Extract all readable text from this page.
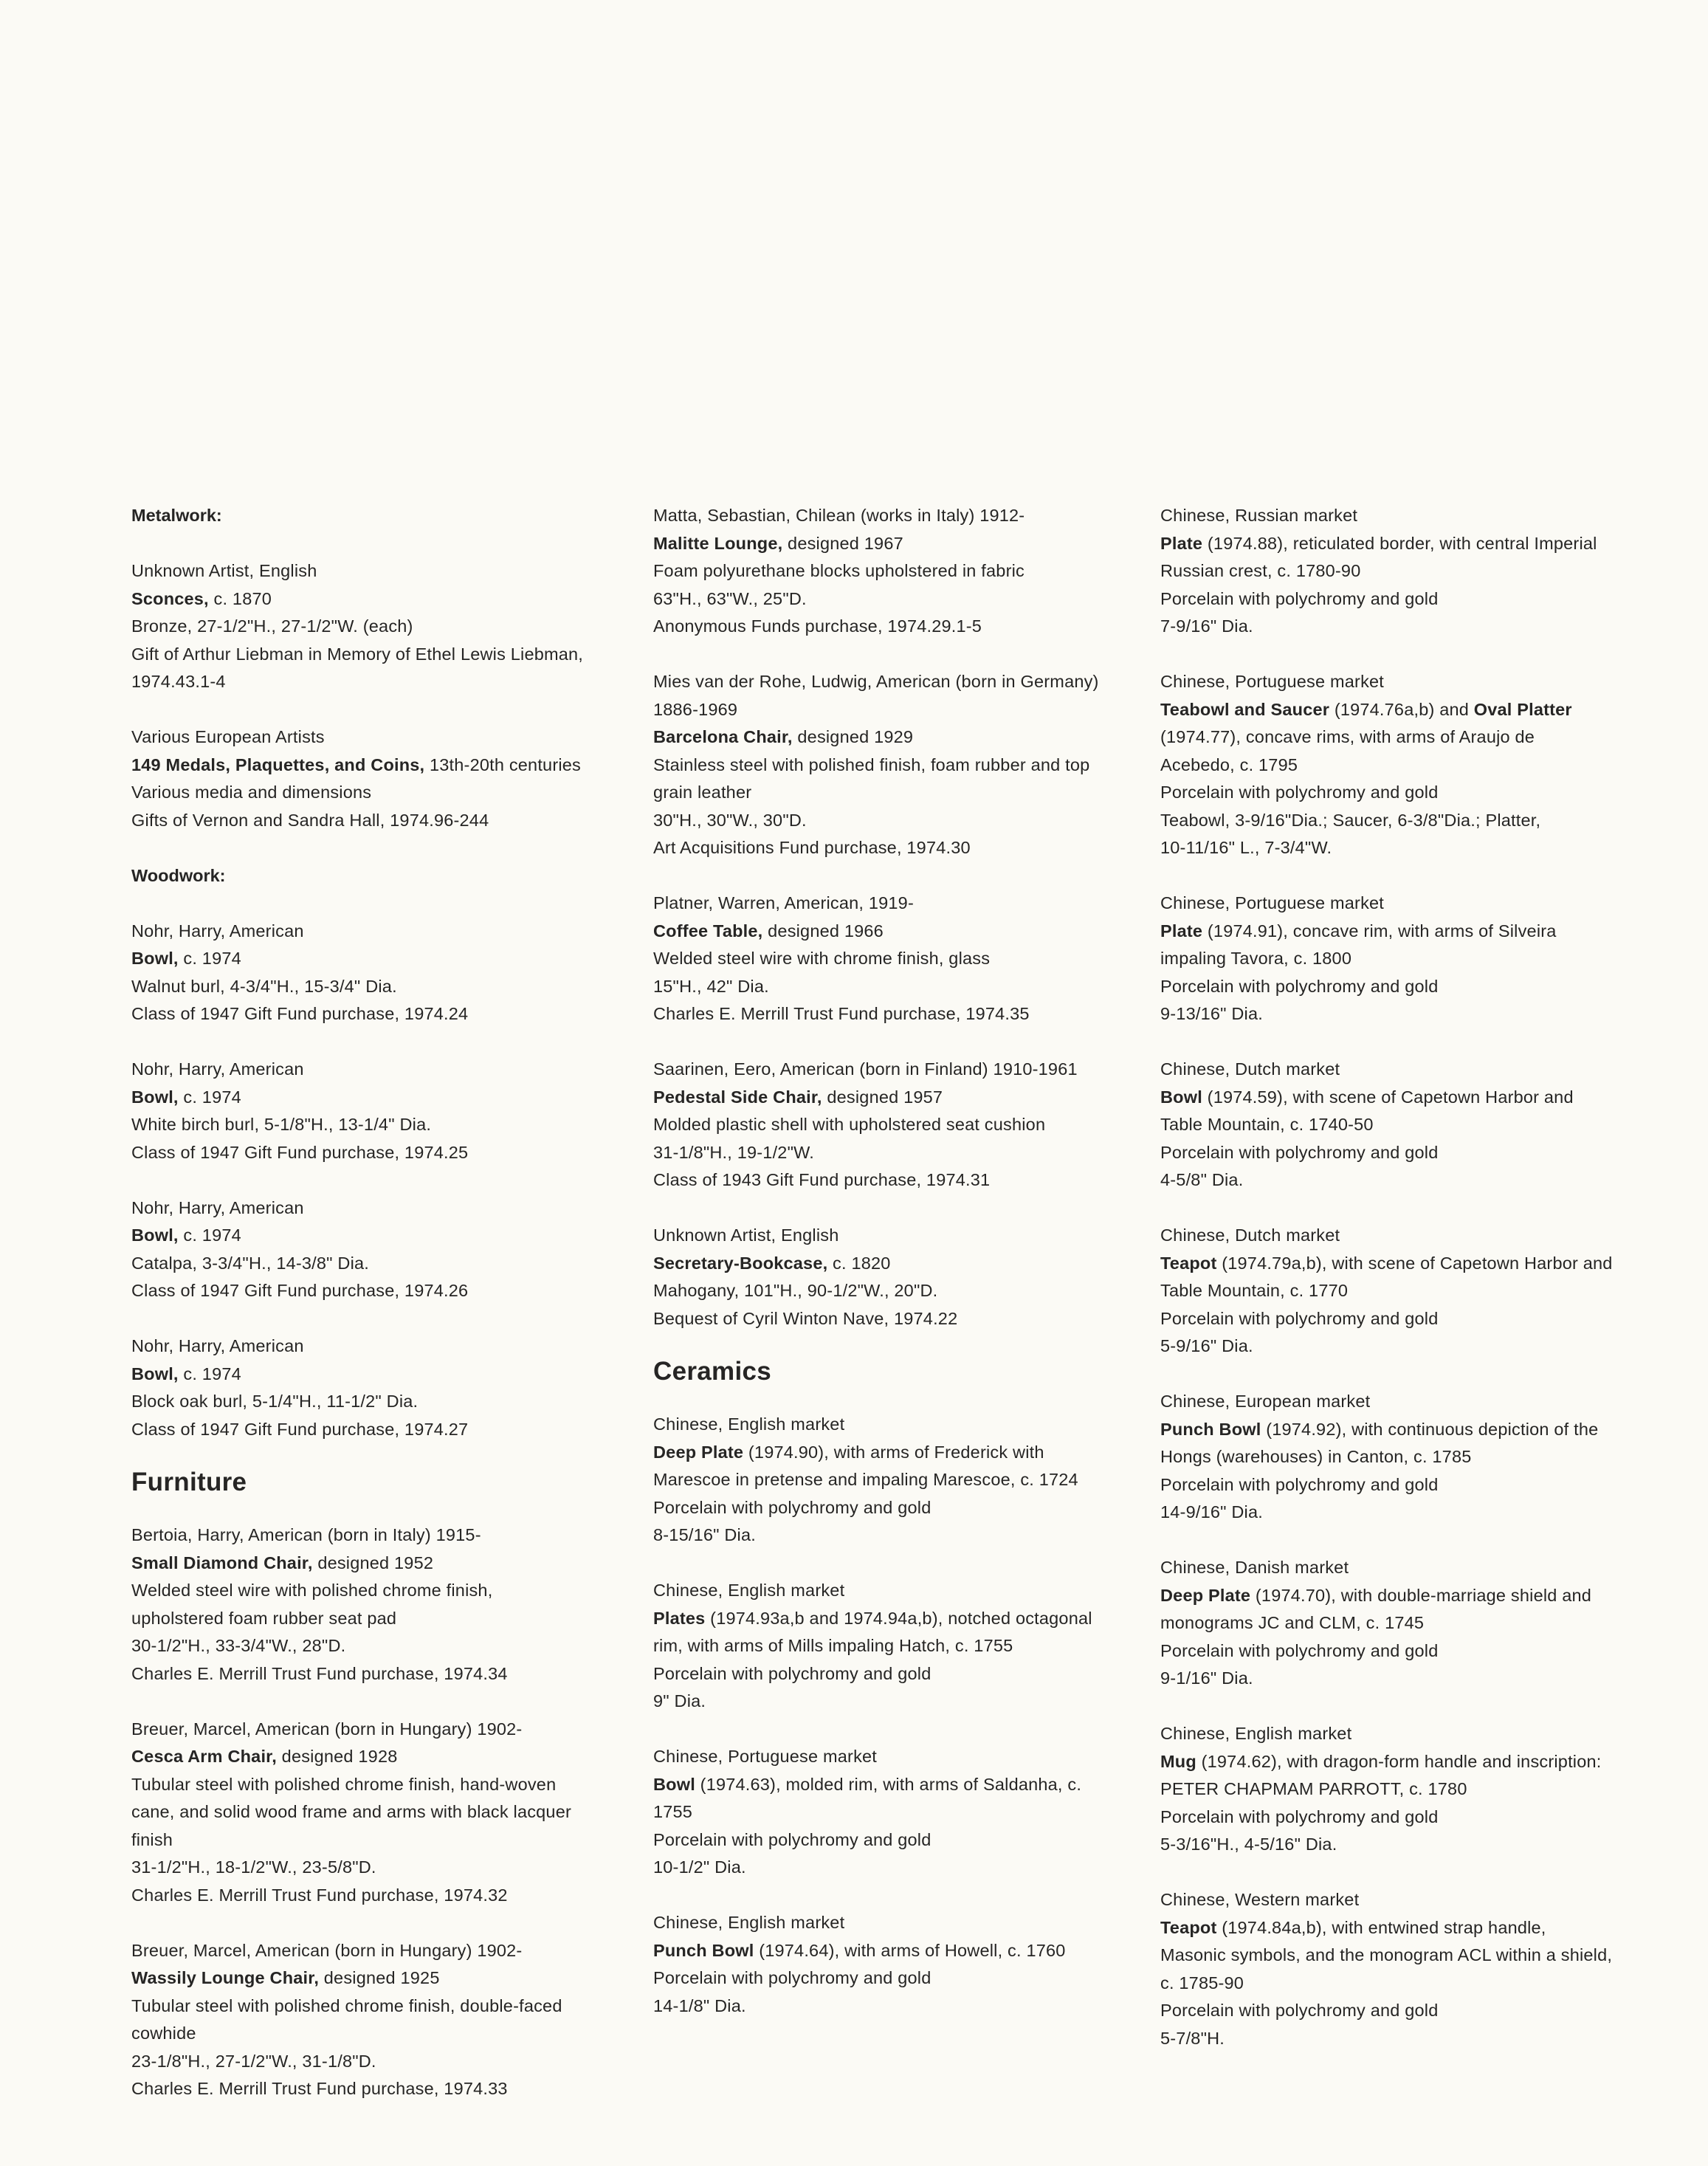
Metalwork:

Unknown Artist, English

Sconces, c. 1870

Bronze, 27-1/2"H., 27-1/2"W. (each)

Gift of Arthur Liebman in Memory of Ethel Lewis Liebman,

1974.43.1-4

Various European Artists

149 Medals, Plaquettes, and Coins, 13th-20th centuries

Various media and dimensions

Gifts of Vernon and Sandra Hall, 1974.96-244

Woodwork:

Nohr, Harry, American

Bowl, c. 1974

Walnut burl, 4-3/4"H., 15-3/4" Dia.

Class of 1947 Gift Fund purchase, 1974.24

Nohr, Harry, American

Bowl, c. 1974

White birch burl, 5-1/8"H., 13-1/4" Dia.

Class of 1947 Gift Fund purchase, 1974.25

Nohr, Harry, American

Bowl, c. 1974

Catalpa, 3-3/4"H., 14-3/8" Dia.

Class of 1947 Gift Fund purchase, 1974.26

Nohr, Harry, American

Bowl, c. 1974

Block oak burl, 5-1/4"H., 11-1/2" Dia.

Class of 1947 Gift Fund purchase, 1974.27

Furniture

Bertoia, Harry, American (born in Italy) 1915-

Small Diamond Chair, designed 1952

Welded steel wire with polished chrome finish,

upholstered foam rubber seat pad

30-1/2"H., 33-3/4"W., 28"D.

Charles E. Merrill Trust Fund purchase, 1974.34

Breuer, Marcel, American (born in Hungary) 1902-

Cesca Arm Chair, designed 1928

Tubular steel with polished chrome finish, hand-woven

cane, and solid wood frame and arms with black lacquer

finish

31-1/2"H., 18-1/2"W., 23-5/8"D.

Charles E. Merrill Trust Fund purchase, 1974.32

Breuer, Marcel, American (born in Hungary) 1902-

Wassily Lounge Chair, designed 1925

Tubular steel with polished chrome finish, double-faced

cowhide

23-1/8"H., 27-1/2"W., 31-1/8"D.

Charles E. Merrill Trust Fund purchase, 1974.33

Matta, Sebastian, Chilean (works in Italy) 1912-

Malitte Lounge, designed 1967

Foam polyurethane blocks upholstered in fabric

63"H., 63"W., 25"D.

Anonymous Funds purchase, 1974.29.1-5

Mies van der Rohe, Ludwig, American (born in Germany)

1886-1969

Barcelona Chair, designed 1929

Stainless steel with polished finish, foam rubber and top

grain leather

30"H., 30"W., 30"D.

Art Acquisitions Fund purchase, 1974.30

Platner, Warren, American, 1919-

Coffee Table, designed 1966

Welded steel wire with chrome finish, glass

15"H., 42" Dia.

Charles E. Merrill Trust Fund purchase, 1974.35

Saarinen, Eero, American (born in Finland) 1910-1961

Pedestal Side Chair, designed 1957

Molded plastic shell with upholstered seat cushion

31-1/8"H., 19-1/2"W.

Class of 1943 Gift Fund purchase, 1974.31

Unknown Artist, English

Secretary-Bookcase, c. 1820

Mahogany, 101"H., 90-1/2"W., 20"D.

Bequest of Cyril Winton Nave, 1974.22

Ceramics

Chinese, English market

Deep Plate (1974.90), with arms of Frederick with

Marescoe in pretense and impaling Marescoe, c. 1724

Porcelain with polychromy and gold

8-15/16" Dia.

Chinese, English market

Plates (1974.93a,b and 1974.94a,b), notched octagonal

rim, with arms of Mills impaling Hatch, c. 1755

Porcelain with polychromy and gold

9" Dia.

Chinese, Portuguese market

Bowl (1974.63), molded rim, with arms of Saldanha, c.

1755

Porcelain with polychromy and gold

10-1/2" Dia.

Chinese, English market

Punch Bowl (1974.64), with arms of Howell, c. 1760

Porcelain with polychromy and gold

14-1/8" Dia.

Chinese, Russian market

Plate (1974.88), reticulated border, with central Imperial

Russian crest, c. 1780-90

Porcelain with polychromy and gold

7-9/16" Dia.

Chinese, Portuguese market

Teabowl and Saucer (1974.76a,b) and Oval Platter

(1974.77), concave rims, with arms of Araujo de

Acebedo, c. 1795

Porcelain with polychromy and gold

Teabowl, 3-9/16"Dia.; Saucer, 6-3/8"Dia.; Platter,

10-11/16" L., 7-3/4"W.

Chinese, Portuguese market

Plate (1974.91), concave rim, with arms of Silveira

impaling Tavora, c. 1800

Porcelain with polychromy and gold

9-13/16" Dia.

Chinese, Dutch market

Bowl (1974.59), with scene of Capetown Harbor and

Table Mountain, c. 1740-50

Porcelain with polychromy and gold

4-5/8" Dia.

Chinese, Dutch market

Teapot (1974.79a,b), with scene of Capetown Harbor and

Table Mountain, c. 1770

Porcelain with polychromy and gold

5-9/16" Dia.

Chinese, European market

Punch Bowl (1974.92), with continuous depiction of the

Hongs (warehouses) in Canton, c. 1785

Porcelain with polychromy and gold

14-9/16" Dia.

Chinese, Danish market

Deep Plate (1974.70), with double-marriage shield and

monograms JC and CLM, c. 1745

Porcelain with polychromy and gold

9-1/16" Dia.

Chinese, English market

Mug (1974.62), with dragon-form handle and inscription:

PETER CHAPMAM PARROTT, c. 1780

Porcelain with polychromy and gold

5-3/16"H., 4-5/16" Dia.

Chinese, Western market

Teapot (1974.84a,b), with entwined strap handle,

Masonic symbols, and the monogram ACL within a shield,

c. 1785-90

Porcelain with polychromy and gold

5-7/8"H.
